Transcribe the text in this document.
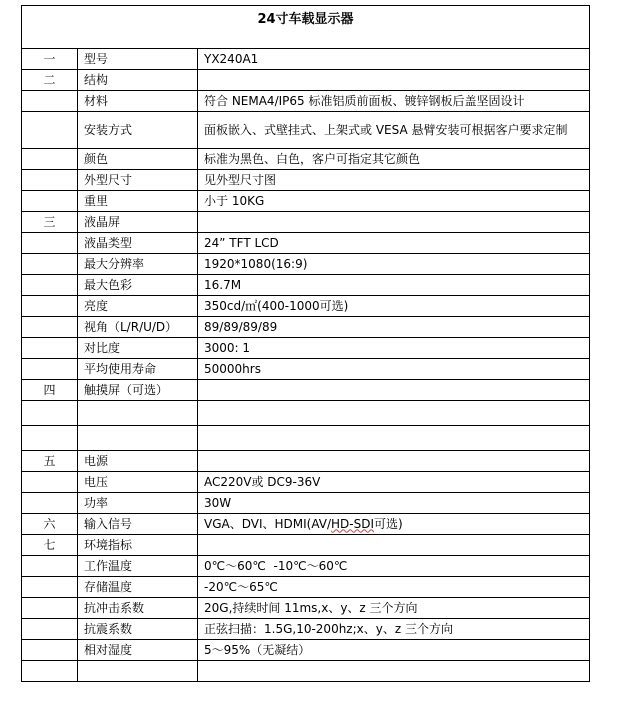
24寸车载显示器		
一	型号	YX240A1
二	结构	
	材料	符合 NEMA4/IP65 标准铝质前面板、镀锌钢板后盖坚固设计
	安装方式	面板嵌入、式壁挂式、上架式或 VESA 悬臂安装可根据客户要求定制
	颜色	标准为黑色、白色，客户可指定其它颜色
	外型尺寸	见外型尺寸图
	重里	小于 10KG
三	液晶屏	
	液晶类型	24” TFT LCD
	最大分辨率	1920*1080(16:9)
	最大色彩	16.7M
	亮度	350cd/㎡(400-1000可选)
	视角（L/R/U/D）	89/89/89/89
	对比度	3000: 1
	平均使用寿命	50000hrs
四	触摸屏（可选）	

五	电源	
	电压	AC220V或 DC9-36V
	功率	30W
六	输入信号	VGA、DVI、HDMI(AV/HD-SDI可选)
七	环境指标	
	工作温度	0℃～60℃  -10℃～60℃
	存储温度	-20℃～65℃
	抗冲击系数	20G,持续时间 11ms,x、y、z 三个方向
	抗震系数	正弦扫描：1.5G,10-200hz;x、y、z 三个方向
	相对湿度	5～95%（无凝结）
